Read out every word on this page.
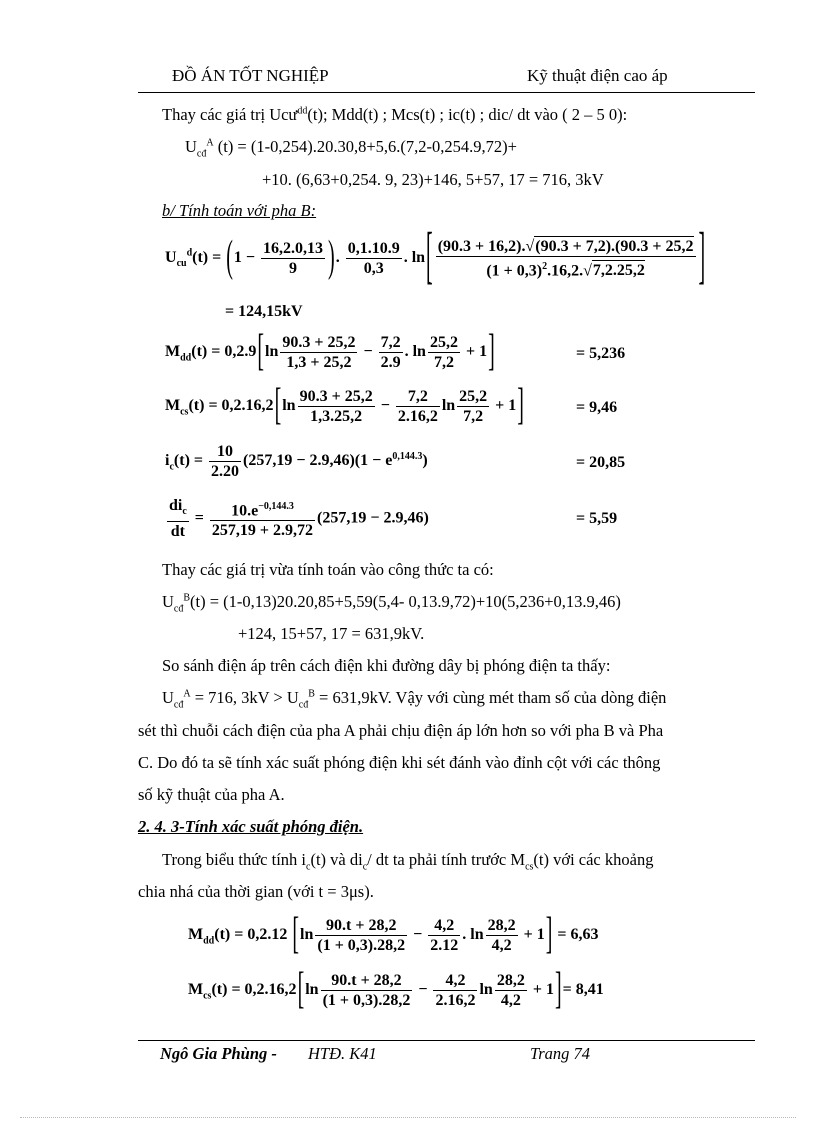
ĐỒ ÁN TỐT NGHIỆP	Kỹ thuật điện cao áp
Thay các giá trị Ucư$^{dd}$(t); Mdd(t) ; Mcs(t) ; ic(t) ; dic/ dt vào ( 2 – 5 0):
$U_{cđ}^A$ (t) = (1-0,254).20.30,8+5,6.(7,2-0,254.9,72)+
+10. (6,63+0,254. 9, 23)+146, 5+57, 17 = 716, 3kV
b/ Tính toán với pha B:
$U_{cu}^d(t) = (1 - \frac{16,2.0,13}{9}$ ). $\frac{0,1.10.9}{0,3}$ . $\ln[ \frac{(90.3 + 16,2).√(90.3 + 7,2).(90.3 + 25,2}{(1 + 0,3)^2.16,2.√7,2.25,2}$ ]
= 124,15kV
$M_{dd}(t) = 0,2.9[\ln \frac{90.3 + 25,2}{1,3 + 25,2} - \frac{7,2}{2.9}$ . $\ln \frac{25,2}{7,2} + 1$]	= 5,236
$M_{cs}(t) = 0,2.16,2[\ln \frac{90.3 + 25,2}{1,3.25,2} - \frac{7,2}{2.16,2}$ $\ln \frac{25,2}{7,2} + 1$]	= 9,46
$i_c(t) = \frac{10}{2.20} (257,19 - 2.9,46)(1 - e^{0,144.3})$	= 20,85
$\frac{di_c}{dt} = \frac{10.e^{-0,144.3}}{257,19 + 2.9,72} (257,19 - 2.9,46)$	= 5,59
Thay các giá trị vừa tính toán vào công thức ta có:
$U_{cđ}^B(t) = (1-0,13)20.20,85+5,59(5,4-$ 0,13.9,72)+10(5,236+0,13.9,46)
+124, 15+57, 17 = 631,9kV.
So sánh điện áp trên cách điện khi đường dây bị phóng điện ta thấy:
$U_{cđ}^A = 716$, $3kV > U_{cđ}^B = 631,9kV$. Vậy với cùng mét tham số của dòng điện
sét thì chuỗi cách điện của pha A phải chịu điện áp lớn hơn so với pha B và Pha
C. Do đó ta sẽ tính xác suất phóng điện khi sét đánh vào đỉnh cột với các thông
số kỹ thuật của pha A.
2. 4. 3-Tính xác suất phóng điện.
Trong biểu thức tính $i_c(t)$ và $di_c/$ dt ta phải tính trước $M_{cs}(t)$ với các khoảng
chia nhá của thời gian (với t = 3μs).
$M_{dd}(t) = 0,2.12$ [$\ln \frac{90.t + 28,2}{(1 + 0,3).28,2} - \frac{4,2}{2.12}$ . $\ln \frac{28,2}{4,2} + 1] = 6,63$
$M_{cs}(t) = 0,2.16,2[\ln \frac{90.t + 28,2}{(1 + 0,3).28,2} - \frac{4,2}{2.16,2}$ $\ln \frac{28,2}{4,2} + 1]= 8,41$
Ngô Gia Phùng - HTĐ. K41	Trang 74
